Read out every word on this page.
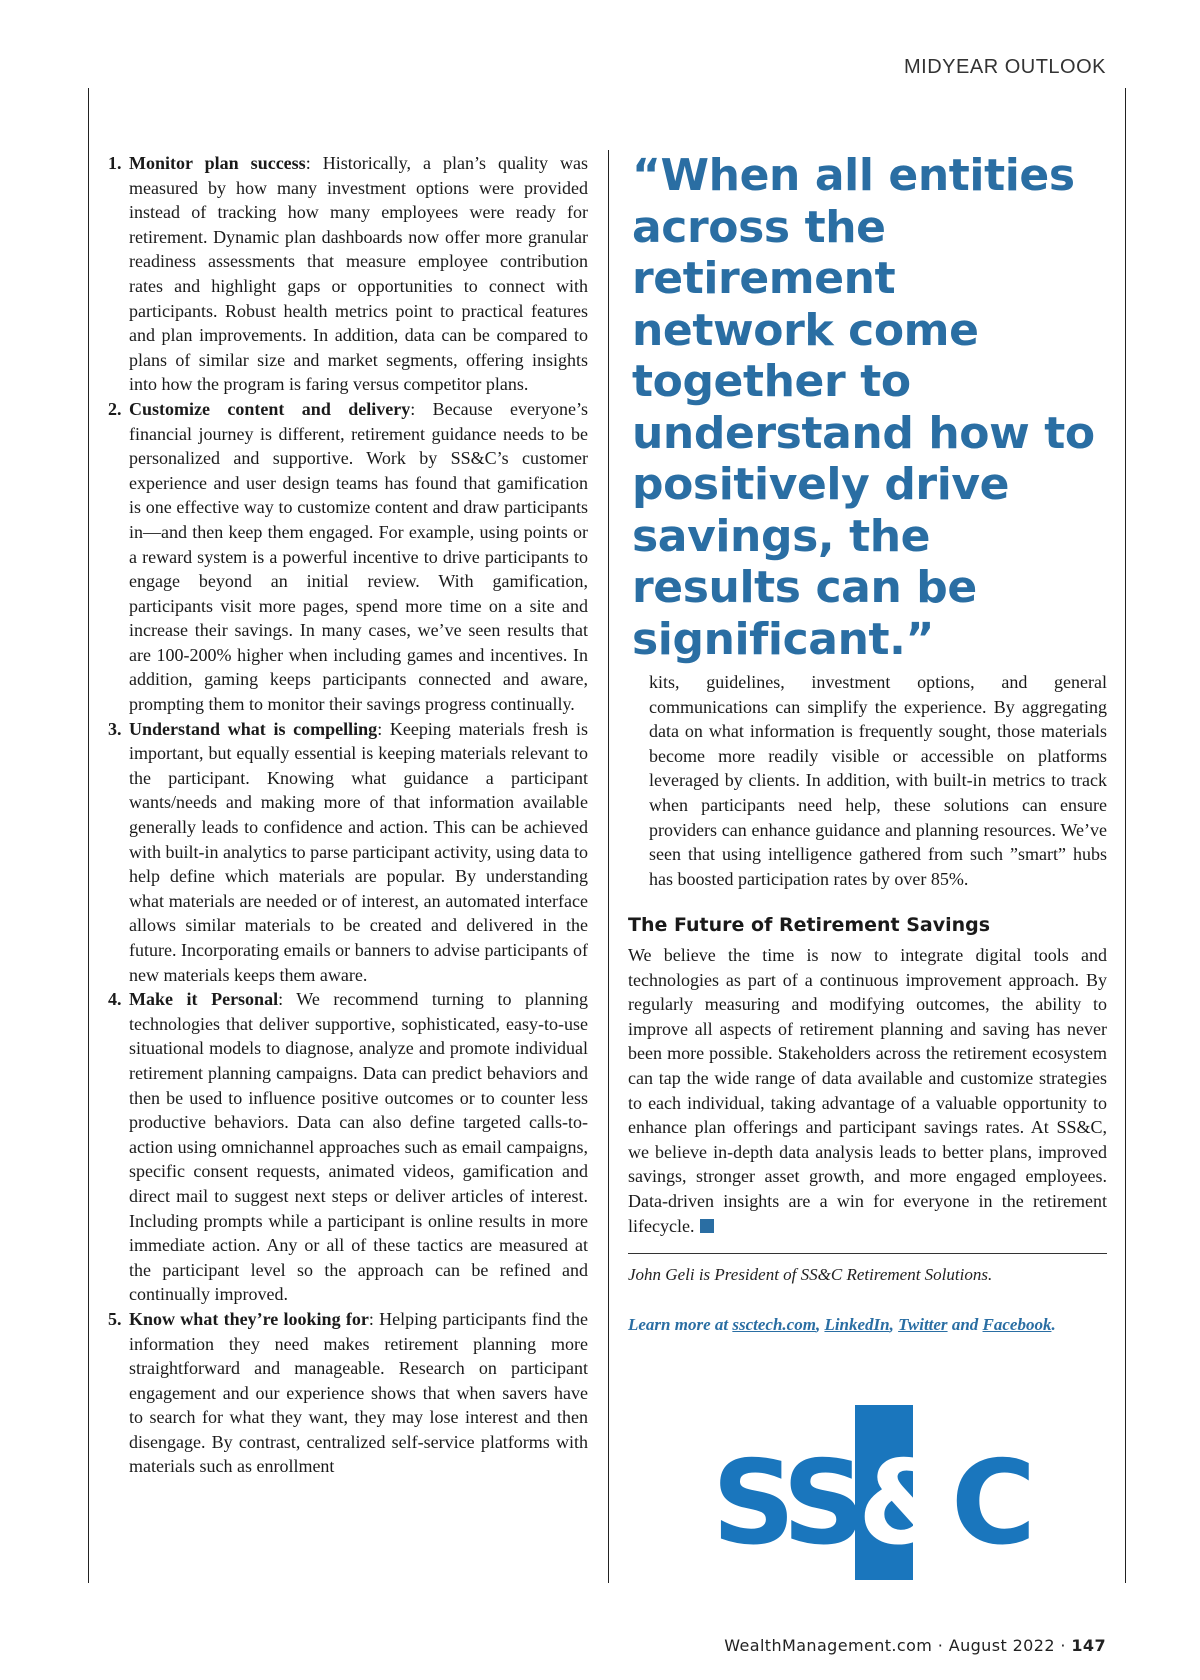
MIDYEAR OUTLOOK
1. Monitor plan success: Historically, a plan’s quality was measured by how many investment options were provided instead of tracking how many employees were ready for retirement. Dynamic plan dashboards now offer more granular readiness assessments that measure employee contribution rates and highlight gaps or opportunities to connect with participants. Robust health metrics point to practical features and plan improvements. In addition, data can be compared to plans of similar size and market segments, offering insights into how the program is faring versus competitor plans.
2. Customize content and delivery: Because everyone’s financial journey is different, retirement guidance needs to be personalized and supportive. Work by SS&C’s customer experience and user design teams has found that gamification is one effective way to customize content and draw participants in—and then keep them engaged. For example, using points or a reward system is a powerful incentive to drive participants to engage beyond an initial review. With gamification, participants visit more pages, spend more time on a site and increase their savings. In many cases, we’ve seen results that are 100-200% higher when including games and incentives. In addition, gaming keeps participants connected and aware, prompting them to monitor their savings progress continually.
3. Understand what is compelling: Keeping materials fresh is important, but equally essential is keeping materials relevant to the participant. Knowing what guidance a participant wants/needs and making more of that information available generally leads to confidence and action. This can be achieved with built-in analytics to parse participant activity, using data to help define which materials are popular. By understanding what materials are needed or of interest, an automated interface allows similar materials to be created and delivered in the future. Incorporating emails or banners to advise participants of new materials keeps them aware.
4. Make it Personal: We recommend turning to planning technologies that deliver supportive, sophisticated, easy-to-use situational models to diagnose, analyze and promote individual retirement planning campaigns. Data can predict behaviors and then be used to influence positive outcomes or to counter less productive behaviors. Data can also define targeted calls-to-action using omnichannel approaches such as email campaigns, specific consent requests, animated videos, gamification and direct mail to suggest next steps or deliver articles of interest. Including prompts while a participant is online results in more immediate action. Any or all of these tactics are measured at the participant level so the approach can be refined and continually improved.
5. Know what they’re looking for: Helping participants find the information they need makes retirement planning more straightforward and manageable. Research on participant engagement and our experience shows that when savers have to search for what they want, they may lose interest and then disengage. By contrast, centralized self-service platforms with materials such as enrollment
“When all entities across the retirement network come together to understand how to positively drive savings, the results can be significant.”
kits, guidelines, investment options, and general communications can simplify the experience. By aggregating data on what information is frequently sought, those materials become more readily visible or accessible on platforms leveraged by clients. In addition, with built-in metrics to track when participants need help, these solutions can ensure providers can enhance guidance and planning resources. We’ve seen that using intelligence gathered from such ”smart” hubs has boosted participation rates by over 85%.
The Future of Retirement Savings
We believe the time is now to integrate digital tools and technologies as part of a continuous improvement approach. By regularly measuring and modifying outcomes, the ability to improve all aspects of retirement planning and saving has never been more possible. Stakeholders across the retirement ecosystem can tap the wide range of data available and customize strategies to each individual, taking advantage of a valuable opportunity to enhance plan offerings and participant savings rates. At SS&C, we believe in-depth data analysis leads to better plans, improved savings, stronger asset growth, and more engaged employees. Data-driven insights are a win for everyone in the retirement lifecycle.
John Geli is President of SS&C Retirement Solutions.
Learn more at ssctech.com, LinkedIn, Twitter and Facebook.
SS&C
WealthManagement.com · August 2022 · 147
